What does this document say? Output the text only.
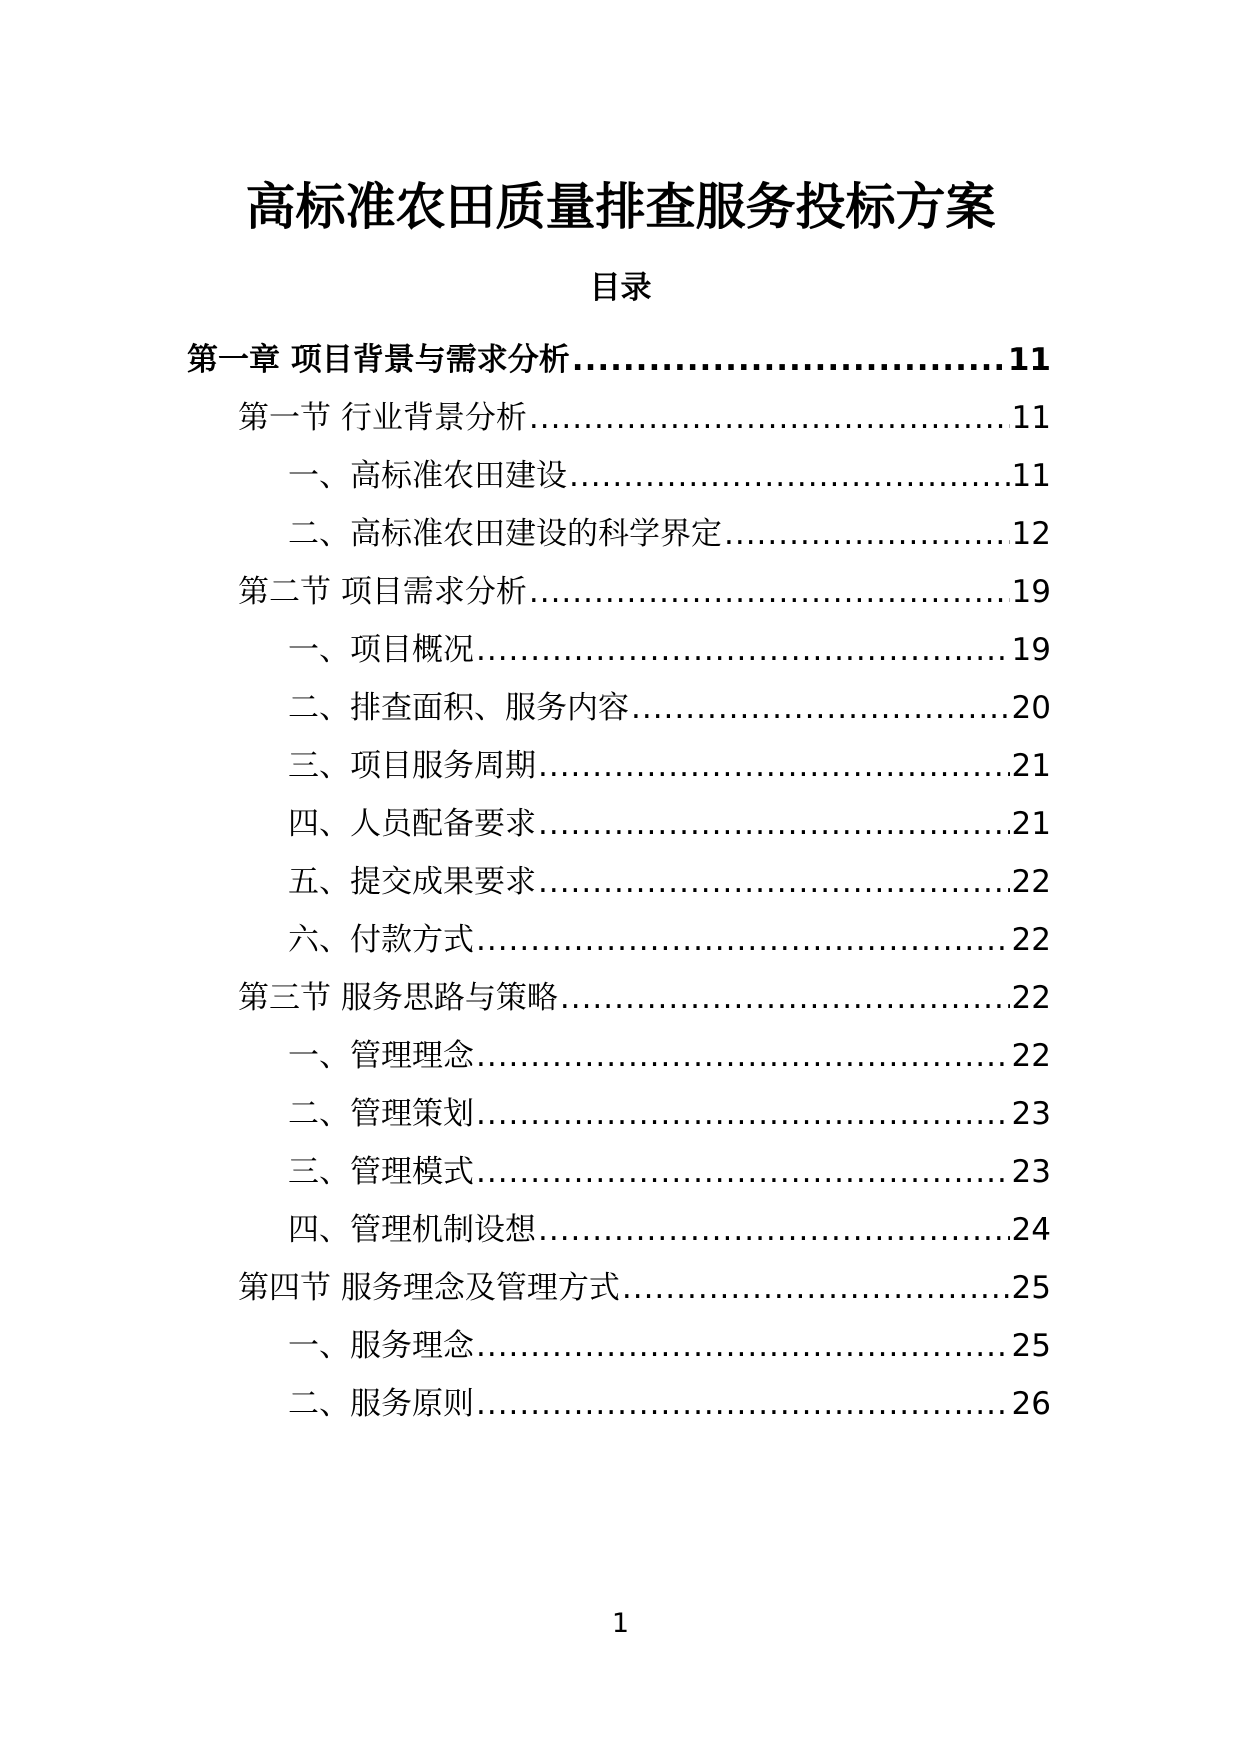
高标准农田质量排查服务投标方案
目录
第一章 项目背景与需求分析 .....	11
第一节 行业背景分析 .....	11
一、高标准农田建设 .....	11
二、高标准农田建设的科学界定 .....	12
第二节 项目需求分析 .....	19
一、项目概况 .....	19
二、排查面积、服务内容 .....	20
三、项目服务周期 .....	21
四、人员配备要求 .....	21
五、提交成果要求 .....	22
六、付款方式 .....	22
第三节 服务思路与策略 .....	22
一、管理理念 .....	22
二、管理策划 .....	23
三、管理模式 .....	23
四、管理机制设想 .....	24
第四节 服务理念及管理方式 .....	25
一、服务理念 .....	25
二、服务原则 .....	26
1
